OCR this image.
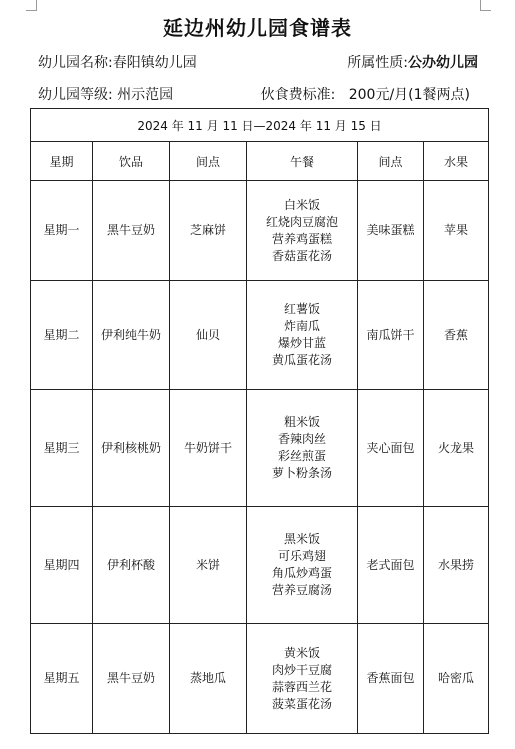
延边州幼儿园食谱表
幼儿园名称:春阳镇幼儿园	所属性质:公办幼儿园
幼儿园等级: 州示范园	伙食费标准: 200元/月(1餐两点)
2024 年 11 月 11 日—2024 年 11 月 15 日					
星期	饮品	间点	午餐	间点	水果
星期一	黑牛豆奶	芝麻饼	白米饭
红烧肉豆腐泡
营养鸡蛋糕
香菇蛋花汤	美味蛋糕	苹果
星期二	伊利纯牛奶	仙贝	红薯饭
炸南瓜
爆炒甘蓝
黄瓜蛋花汤	南瓜饼干	香蕉
星期三	伊利核桃奶	牛奶饼干	粗米饭
香辣肉丝
彩丝煎蛋
萝卜粉条汤	夹心面包	火龙果
星期四	伊利杯酸	米饼	黑米饭
可乐鸡翅
角瓜炒鸡蛋
营养豆腐汤	老式面包	水果捞
星期五	黑牛豆奶	蒸地瓜	黄米饭
肉炒干豆腐
蒜蓉西兰花
菠菜蛋花汤	香蕉面包	哈密瓜
